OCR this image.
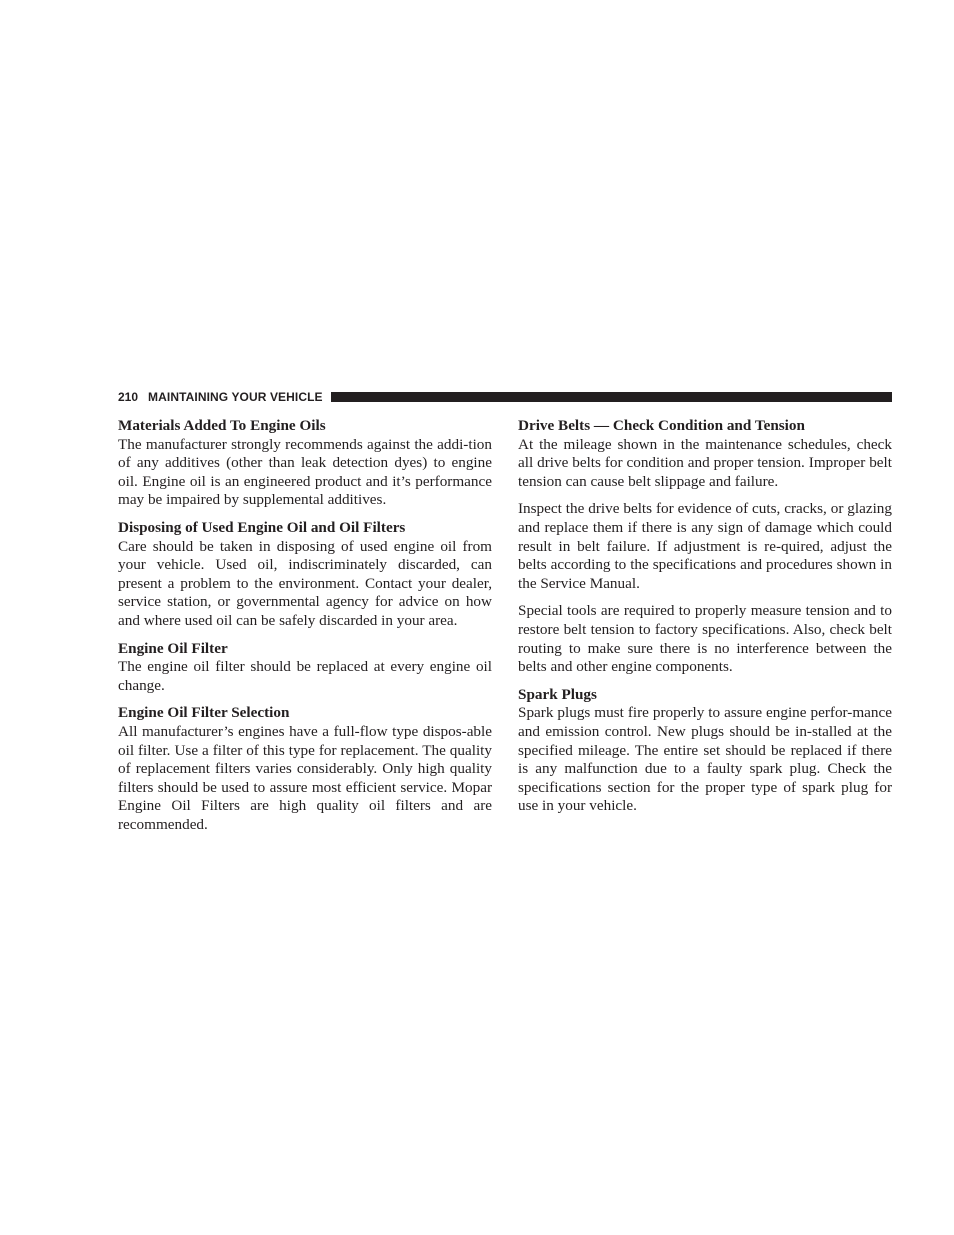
210 MAINTAINING YOUR VEHICLE

Materials Added To Engine Oils

The manufacturer strongly recommends against the addi-tion of any additives (other than leak detection dyes) to engine oil. Engine oil is an engineered product and it’s performance may be impaired by supplemental additives.

Disposing of Used Engine Oil and Oil Filters

Care should be taken in disposing of used engine oil from your vehicle. Used oil, indiscriminately discarded, can present a problem to the environment. Contact your dealer, service station, or governmental agency for advice on how and where used oil can be safely discarded in your area.

Engine Oil Filter

The engine oil filter should be replaced at every engine oil change.

Engine Oil Filter Selection

All manufacturer’s engines have a full-flow type dispos-able oil filter. Use a filter of this type for replacement. The quality of replacement filters varies considerably. Only high quality filters should be used to assure most efficient service. Mopar Engine Oil Filters are high quality oil filters and are recommended.

Drive Belts — Check Condition and Tension

At the mileage shown in the maintenance schedules, check all drive belts for condition and proper tension. Improper belt tension can cause belt slippage and failure.

Inspect the drive belts for evidence of cuts, cracks, or glazing and replace them if there is any sign of damage which could result in belt failure. If adjustment is re-quired, adjust the belts according to the specifications and procedures shown in the Service Manual.

Special tools are required to properly measure tension and to restore belt tension to factory specifications. Also, check belt routing to make sure there is no interference between the belts and other engine components.

Spark Plugs

Spark plugs must fire properly to assure engine perfor-mance and emission control. New plugs should be in-stalled at the specified mileage. The entire set should be replaced if there is any malfunction due to a faulty spark plug. Check the specifications section for the proper type of spark plug for use in your vehicle.
